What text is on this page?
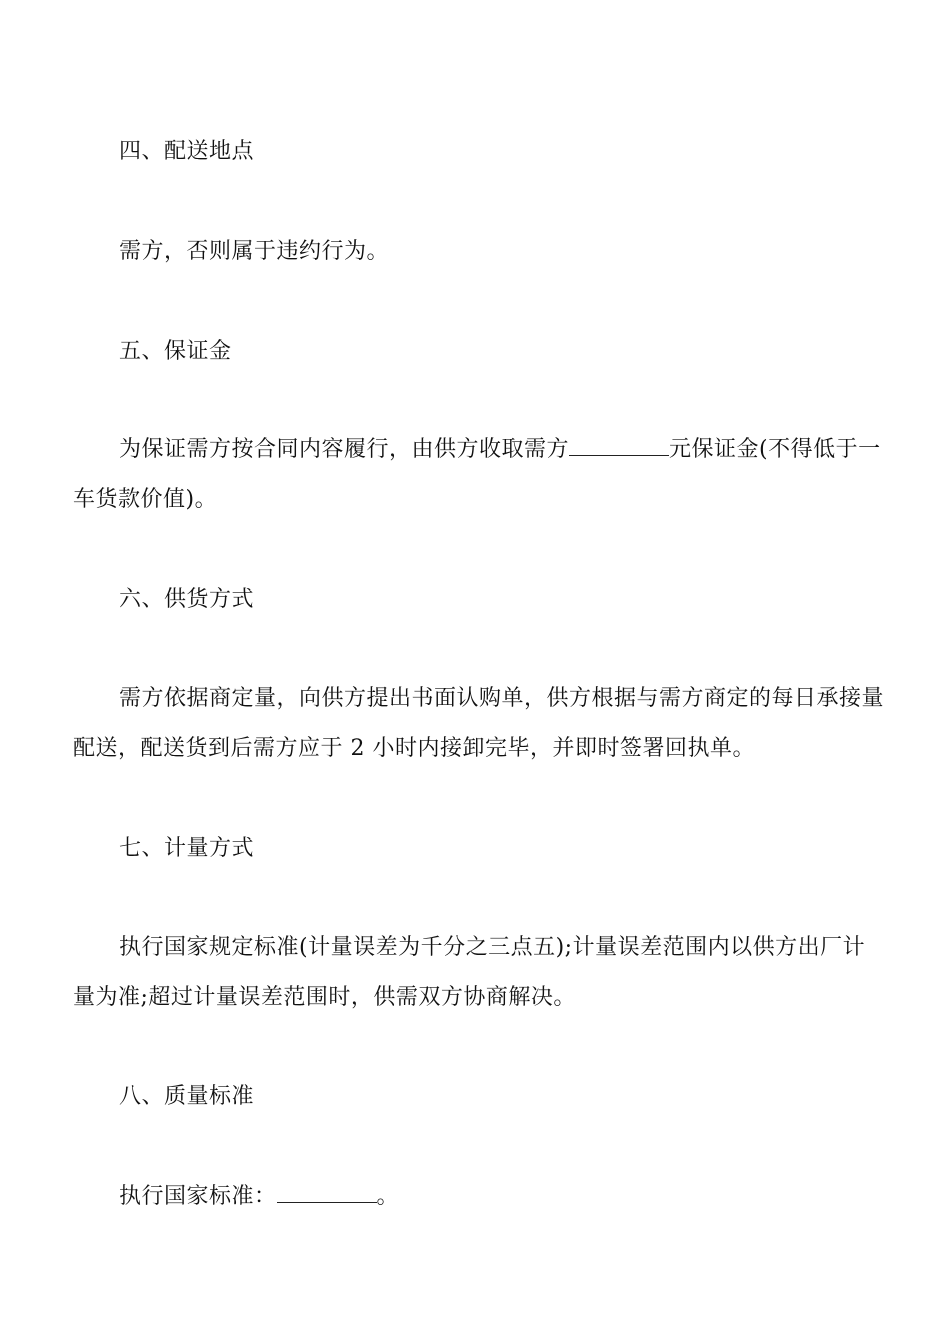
四、配送地点
需方，否则属于违约行为。
五、保证金
为保证需方按合同内容履行，由供方收取需方	元保证金(不得低于一
车货款价值)。
六、供货方式
需方依据商定量，向供方提出书面认购单，供方根据与需方商定的每日承接量
配送，配送货到后需方应于 2 小时内接卸完毕，并即时签署回执单。
七、计量方式
执行国家规定标准(计量误差为千分之三点五);计量误差范围内以供方出厂计
量为准;超过计量误差范围时，供需双方协商解决。
八、质量标准
执行国家标准：	。
